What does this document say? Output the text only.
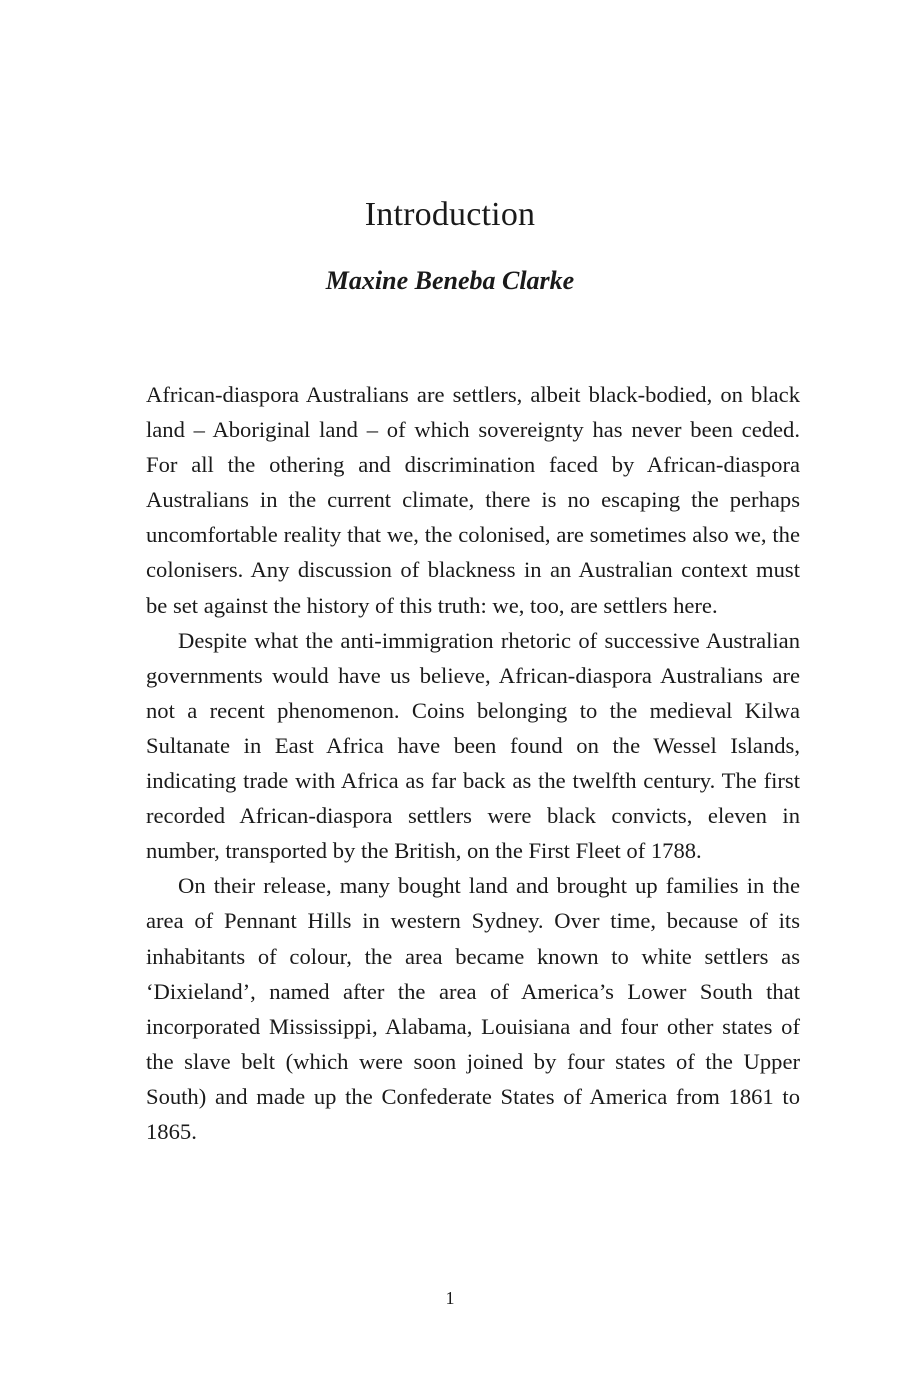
Introduction
Maxine Beneba Clarke

African-diaspora Australians are settlers, albeit black-bodied, on black land – Aboriginal land – of which sovereignty has never been ceded. For all the othering and discrimination faced by African-diaspora Australians in the current climate, there is no escaping the perhaps uncomfortable reality that we, the colonised, are sometimes also we, the colonisers. Any discussion of blackness in an Australian context must be set against the history of this truth: we, too, are settlers here.

Despite what the anti-immigration rhetoric of successive Australian governments would have us believe, African-diaspora Australians are not a recent phenomenon. Coins belonging to the medieval Kilwa Sultanate in East Africa have been found on the Wessel Islands, indicating trade with Africa as far back as the twelfth century. The first recorded African-diaspora settlers were black convicts, eleven in number, transported by the British, on the First Fleet of 1788.

On their release, many bought land and brought up families in the area of Pennant Hills in western Sydney. Over time, because of its inhabitants of colour, the area became known to white settlers as ‘Dixieland’, named after the area of America’s Lower South that incorporated Mississippi, Alabama, Louisiana and four other states of the slave belt (which were soon joined by four states of the Upper South) and made up the Confederate States of America from 1861 to 1865.

1
